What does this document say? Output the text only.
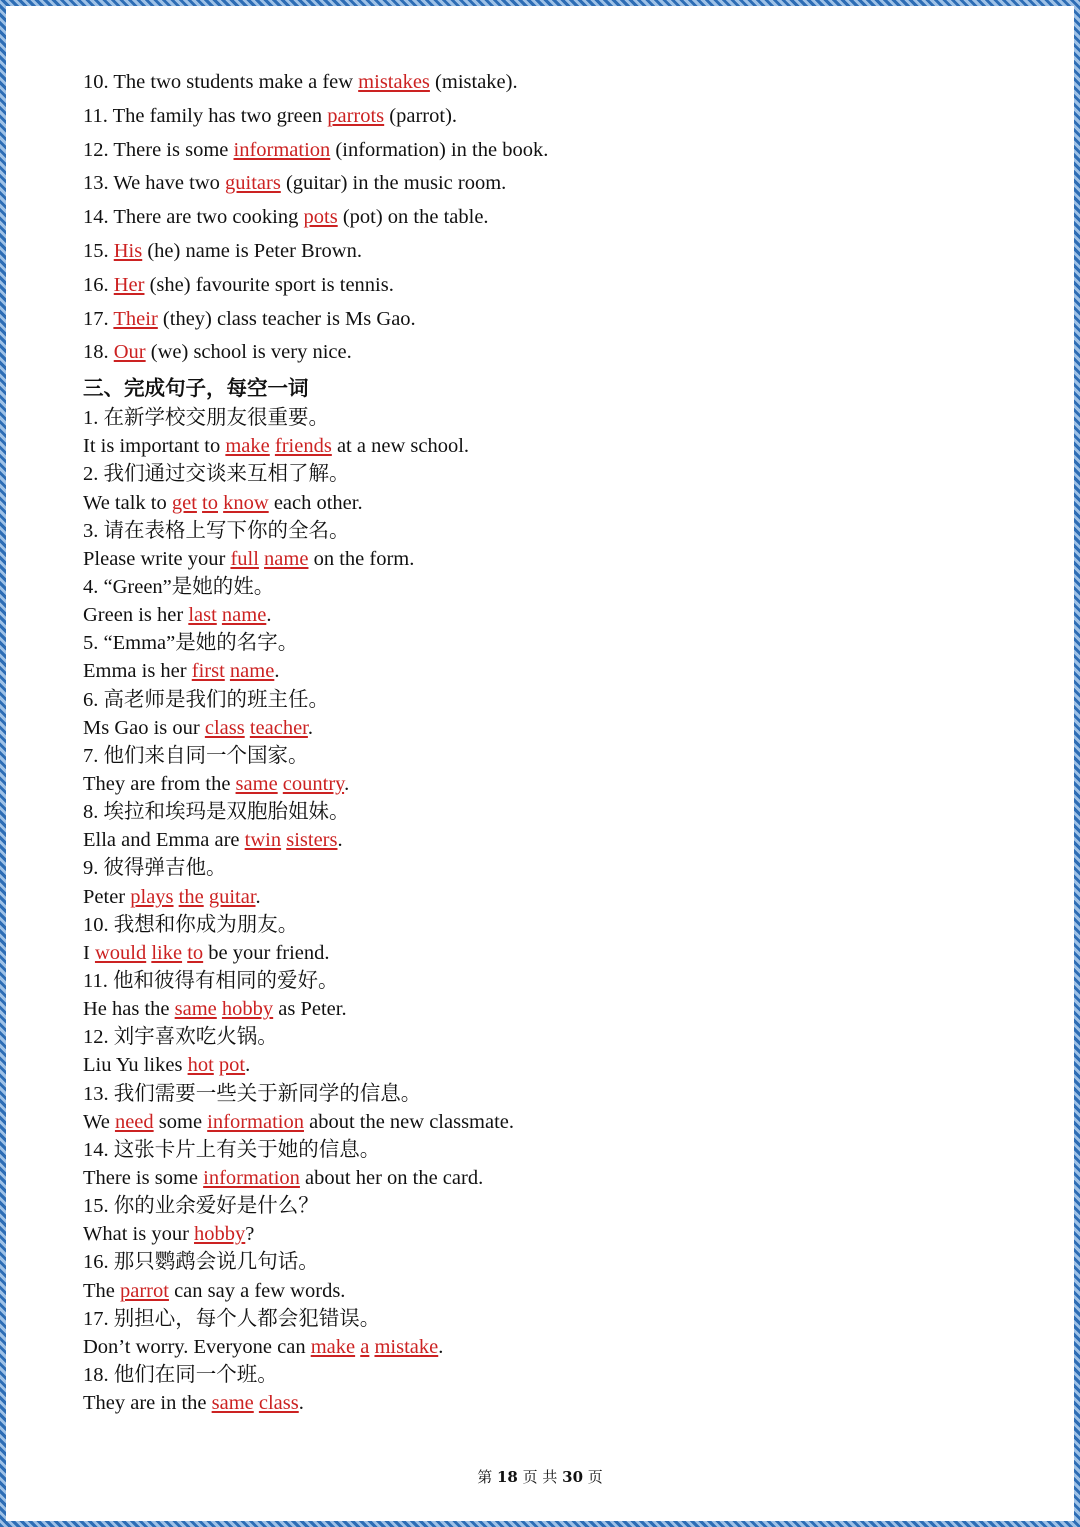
10. The two students make a few mistakes (mistake).
11. The family has two green parrots (parrot).
12. There is some information (information) in the book.
13. We have two guitars (guitar) in the music room.
14. There are two cooking pots (pot) on the table.
15. His (he) name is Peter Brown.
16. Her (she) favourite sport is tennis.
17. Their (they) class teacher is Ms Gao.
18. Our (we) school is very nice.
三、完成句子，每空一词
1. 在新学校交朋友很重要。
It is important to make friends at a new school.
2. 我们通过交谈来互相了解。
We talk to get to know each other.
3. 请在表格上写下你的全名。
Please write your full name on the form.
4. “Green”是她的姓。
Green is her last name.
5. “Emma”是她的名字。
Emma is her first name.
6. 高老师是我们的班主任。
Ms Gao is our class teacher.
7. 他们来自同一个国家。
They are from the same country.
8. 埃拉和埃玛是双胞胎姐妹。
Ella and Emma are twin sisters.
9. 彼得弹吉他。
Peter plays the guitar.
10. 我想和你成为朋友。
I would like to be your friend.
11. 他和彼得有相同的爱好。
He has the same hobby as Peter.
12. 刘宇喜欢吃火锅。
Liu Yu likes hot pot.
13. 我们需要一些关于新同学的信息。
We need some information about the new classmate.
14. 这张卡片上有关于她的信息。
There is some information about her on the card.
15. 你的业余爱好是什么？
What is your hobby?
16. 那只鹦鹉会说几句话。
The parrot can say a few words.
17. 别担心，每个人都会犯错误。
Don’t worry. Everyone can make a mistake.
18. 他们在同一个班。
They are in the same class.
第 18 页 共 30 页
